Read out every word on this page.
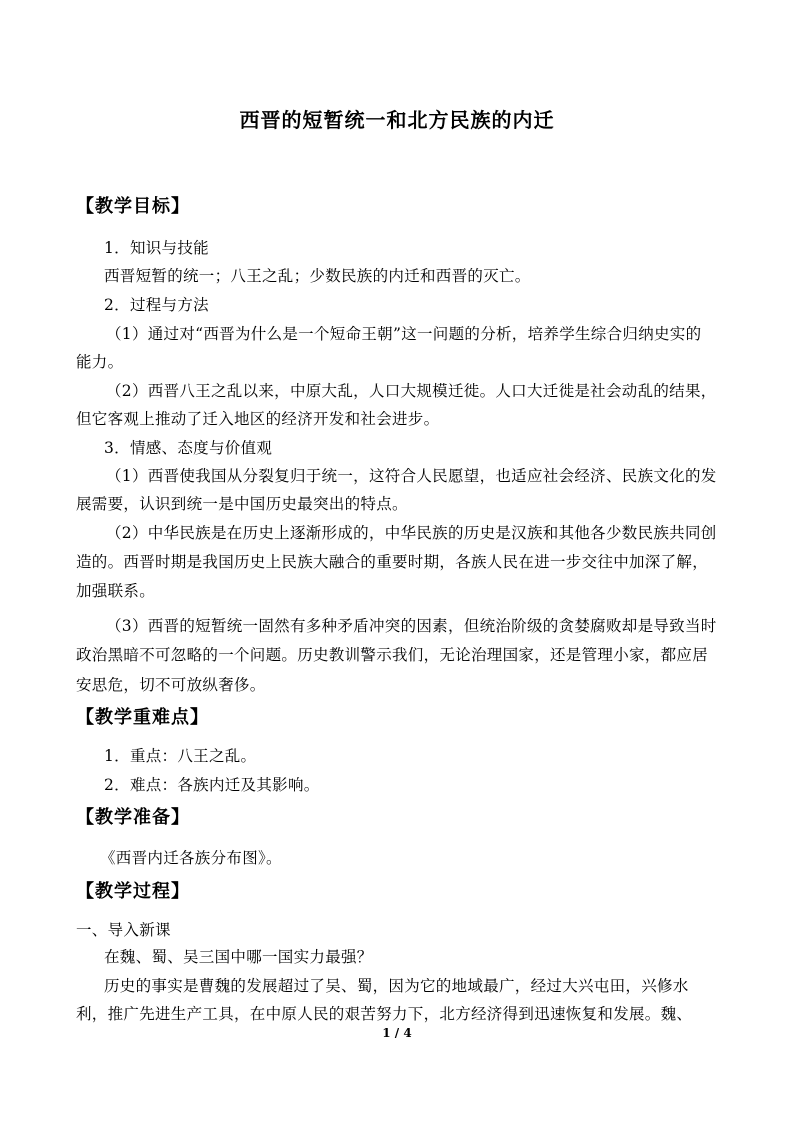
西晋的短暂统一和北方民族的内迁
【教学目标】
1．知识与技能
西晋短暂的统一；八王之乱；少数民族的内迁和西晋的灭亡。
2．过程与方法
（1）通过对“西晋为什么是一个短命王朝”这一问题的分析，培养学生综合归纳史实的
能力。
（2）西晋八王之乱以来，中原大乱，人口大规模迁徙。人口大迁徙是社会动乱的结果，
但它客观上推动了迁入地区的经济开发和社会进步。
3．情感、态度与价值观
（1）西晋使我国从分裂复归于统一，这符合人民愿望，也适应社会经济、民族文化的发
展需要，认识到统一是中国历史最突出的特点。
（2）中华民族是在历史上逐渐形成的，中华民族的历史是汉族和其他各少数民族共同创
造的。西晋时期是我国历史上民族大融合的重要时期，各族人民在进一步交往中加深了解，
加强联系。
（3）西晋的短暂统一固然有多种矛盾冲突的因素，但统治阶级的贪婪腐败却是导致当时
政治黑暗不可忽略的一个问题。历史教训警示我们，无论治理国家，还是管理小家，都应居
安思危，切不可放纵奢侈。
【教学重难点】
1．重点：八王之乱。
2．难点：各族内迁及其影响。
【教学准备】
《西晋内迁各族分布图》。
【教学过程】
一、导入新课
在魏、蜀、吴三国中哪一国实力最强？
历史的事实是曹魏的发展超过了吴、蜀，因为它的地域最广，经过大兴屯田，兴修水
利，推广先进生产工具，在中原人民的艰苦努力下，北方经济得到迅速恢复和发展。魏、
1 / 4
